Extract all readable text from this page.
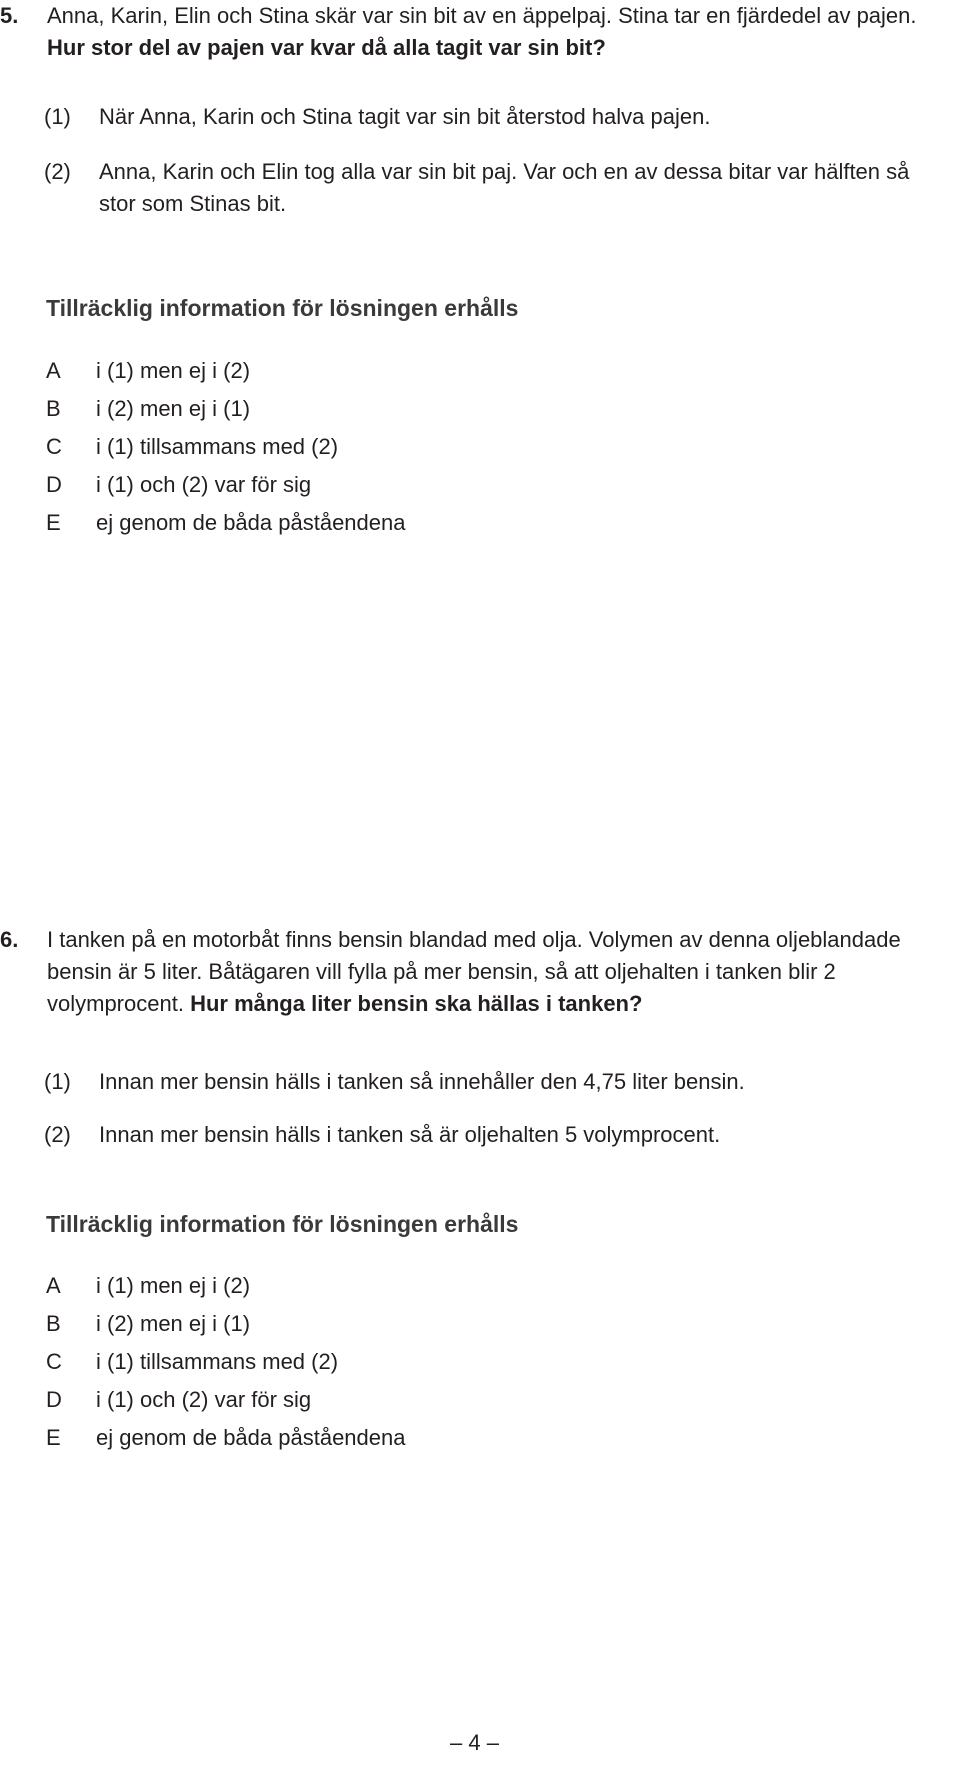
5. Anna, Karin, Elin och Stina skär var sin bit av en äppelpaj. Stina tar en fjärdedel av pajen. Hur stor del av pajen var kvar då alla tagit var sin bit?
(1)	När Anna, Karin och Stina tagit var sin bit återstod halva pajen.
(2)	Anna, Karin och Elin tog alla var sin bit paj. Var och en av dessa bitar var hälften så stor som Stinas bit.
Tillräcklig information för lösningen erhålls
A	i (1) men ej i (2)
B	i (2) men ej i (1)
C	i (1) tillsammans med (2)
D	i (1) och (2) var för sig
E	ej genom de båda påståendena
6. I tanken på en motorbåt finns bensin blandad med olja. Volymen av denna oljeblandade bensin är 5 liter. Båtägaren vill fylla på mer bensin, så att oljehalten i tanken blir 2 volymprocent. Hur många liter bensin ska hällas i tanken?
(1)	Innan mer bensin hälls i tanken så innehåller den 4,75 liter bensin.
(2)	Innan mer bensin hälls i tanken så är oljehalten 5 volymprocent.
Tillräcklig information för lösningen erhålls
A	i (1) men ej i (2)
B	i (2) men ej i (1)
C	i (1) tillsammans med (2)
D	i (1) och (2) var för sig
E	ej genom de båda påståendena
– 4 –
